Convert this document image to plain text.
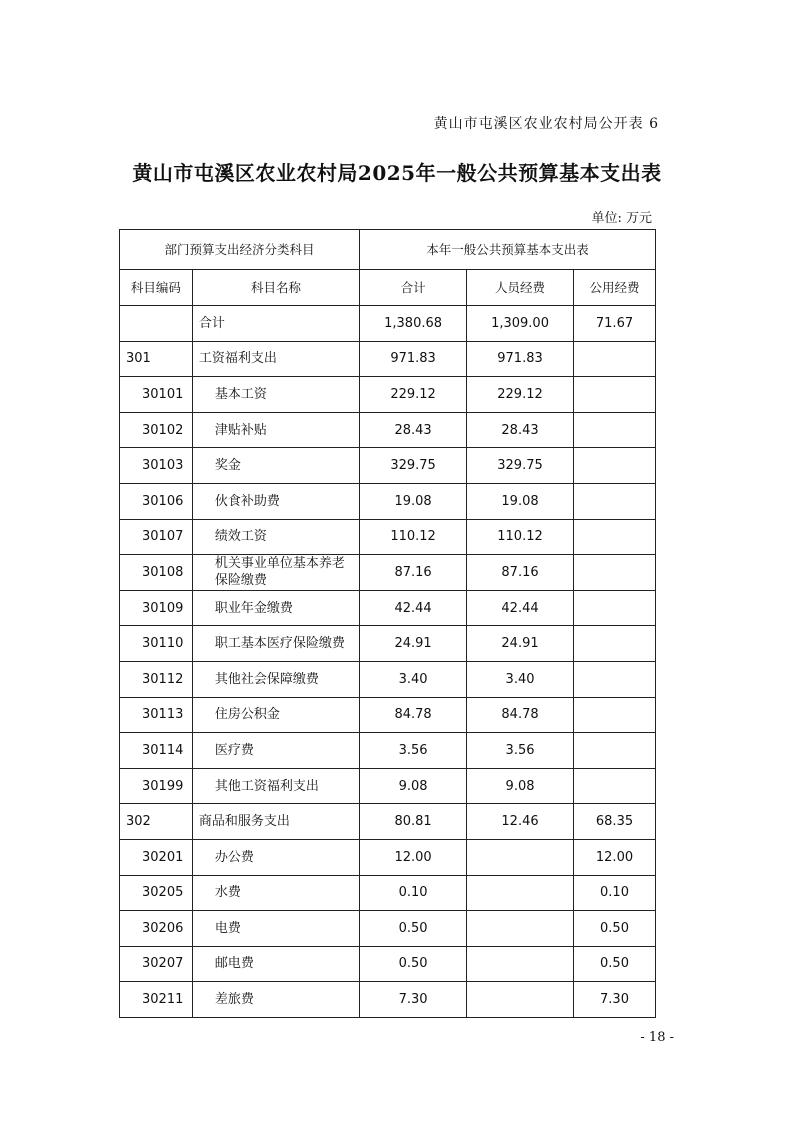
黄山市屯溪区农业农村局公开表 6
黄山市屯溪区农业农村局2025年一般公共预算基本支出表
单位: 万元
部门预算支出经济分类科目		本年一般公共预算基本支出表		
科目编码	科目名称	合计	人员经费	公用经费
	合计	1,380.68	1,309.00	71.67
301	工资福利支出	971.83	971.83	
30101	基本工资	229.12	229.12	
30102	津贴补贴	28.43	28.43	
30103	奖金	329.75	329.75	
30106	伙食补助费	19.08	19.08	
30107	绩效工资	110.12	110.12	
30108	机关事业单位基本养老保险缴费	87.16	87.16	
30109	职业年金缴费	42.44	42.44	
30110	职工基本医疗保险缴费	24.91	24.91	
30112	其他社会保障缴费	3.40	3.40	
30113	住房公积金	84.78	84.78	
30114	医疗费	3.56	3.56	
30199	其他工资福利支出	9.08	9.08	
302	商品和服务支出	80.81	12.46	68.35
30201	办公费	12.00		12.00
30205	水费	0.10		0.10
30206	电费	0.50		0.50
30207	邮电费	0.50		0.50
30211	差旅费	7.30		7.30
- 18 -
